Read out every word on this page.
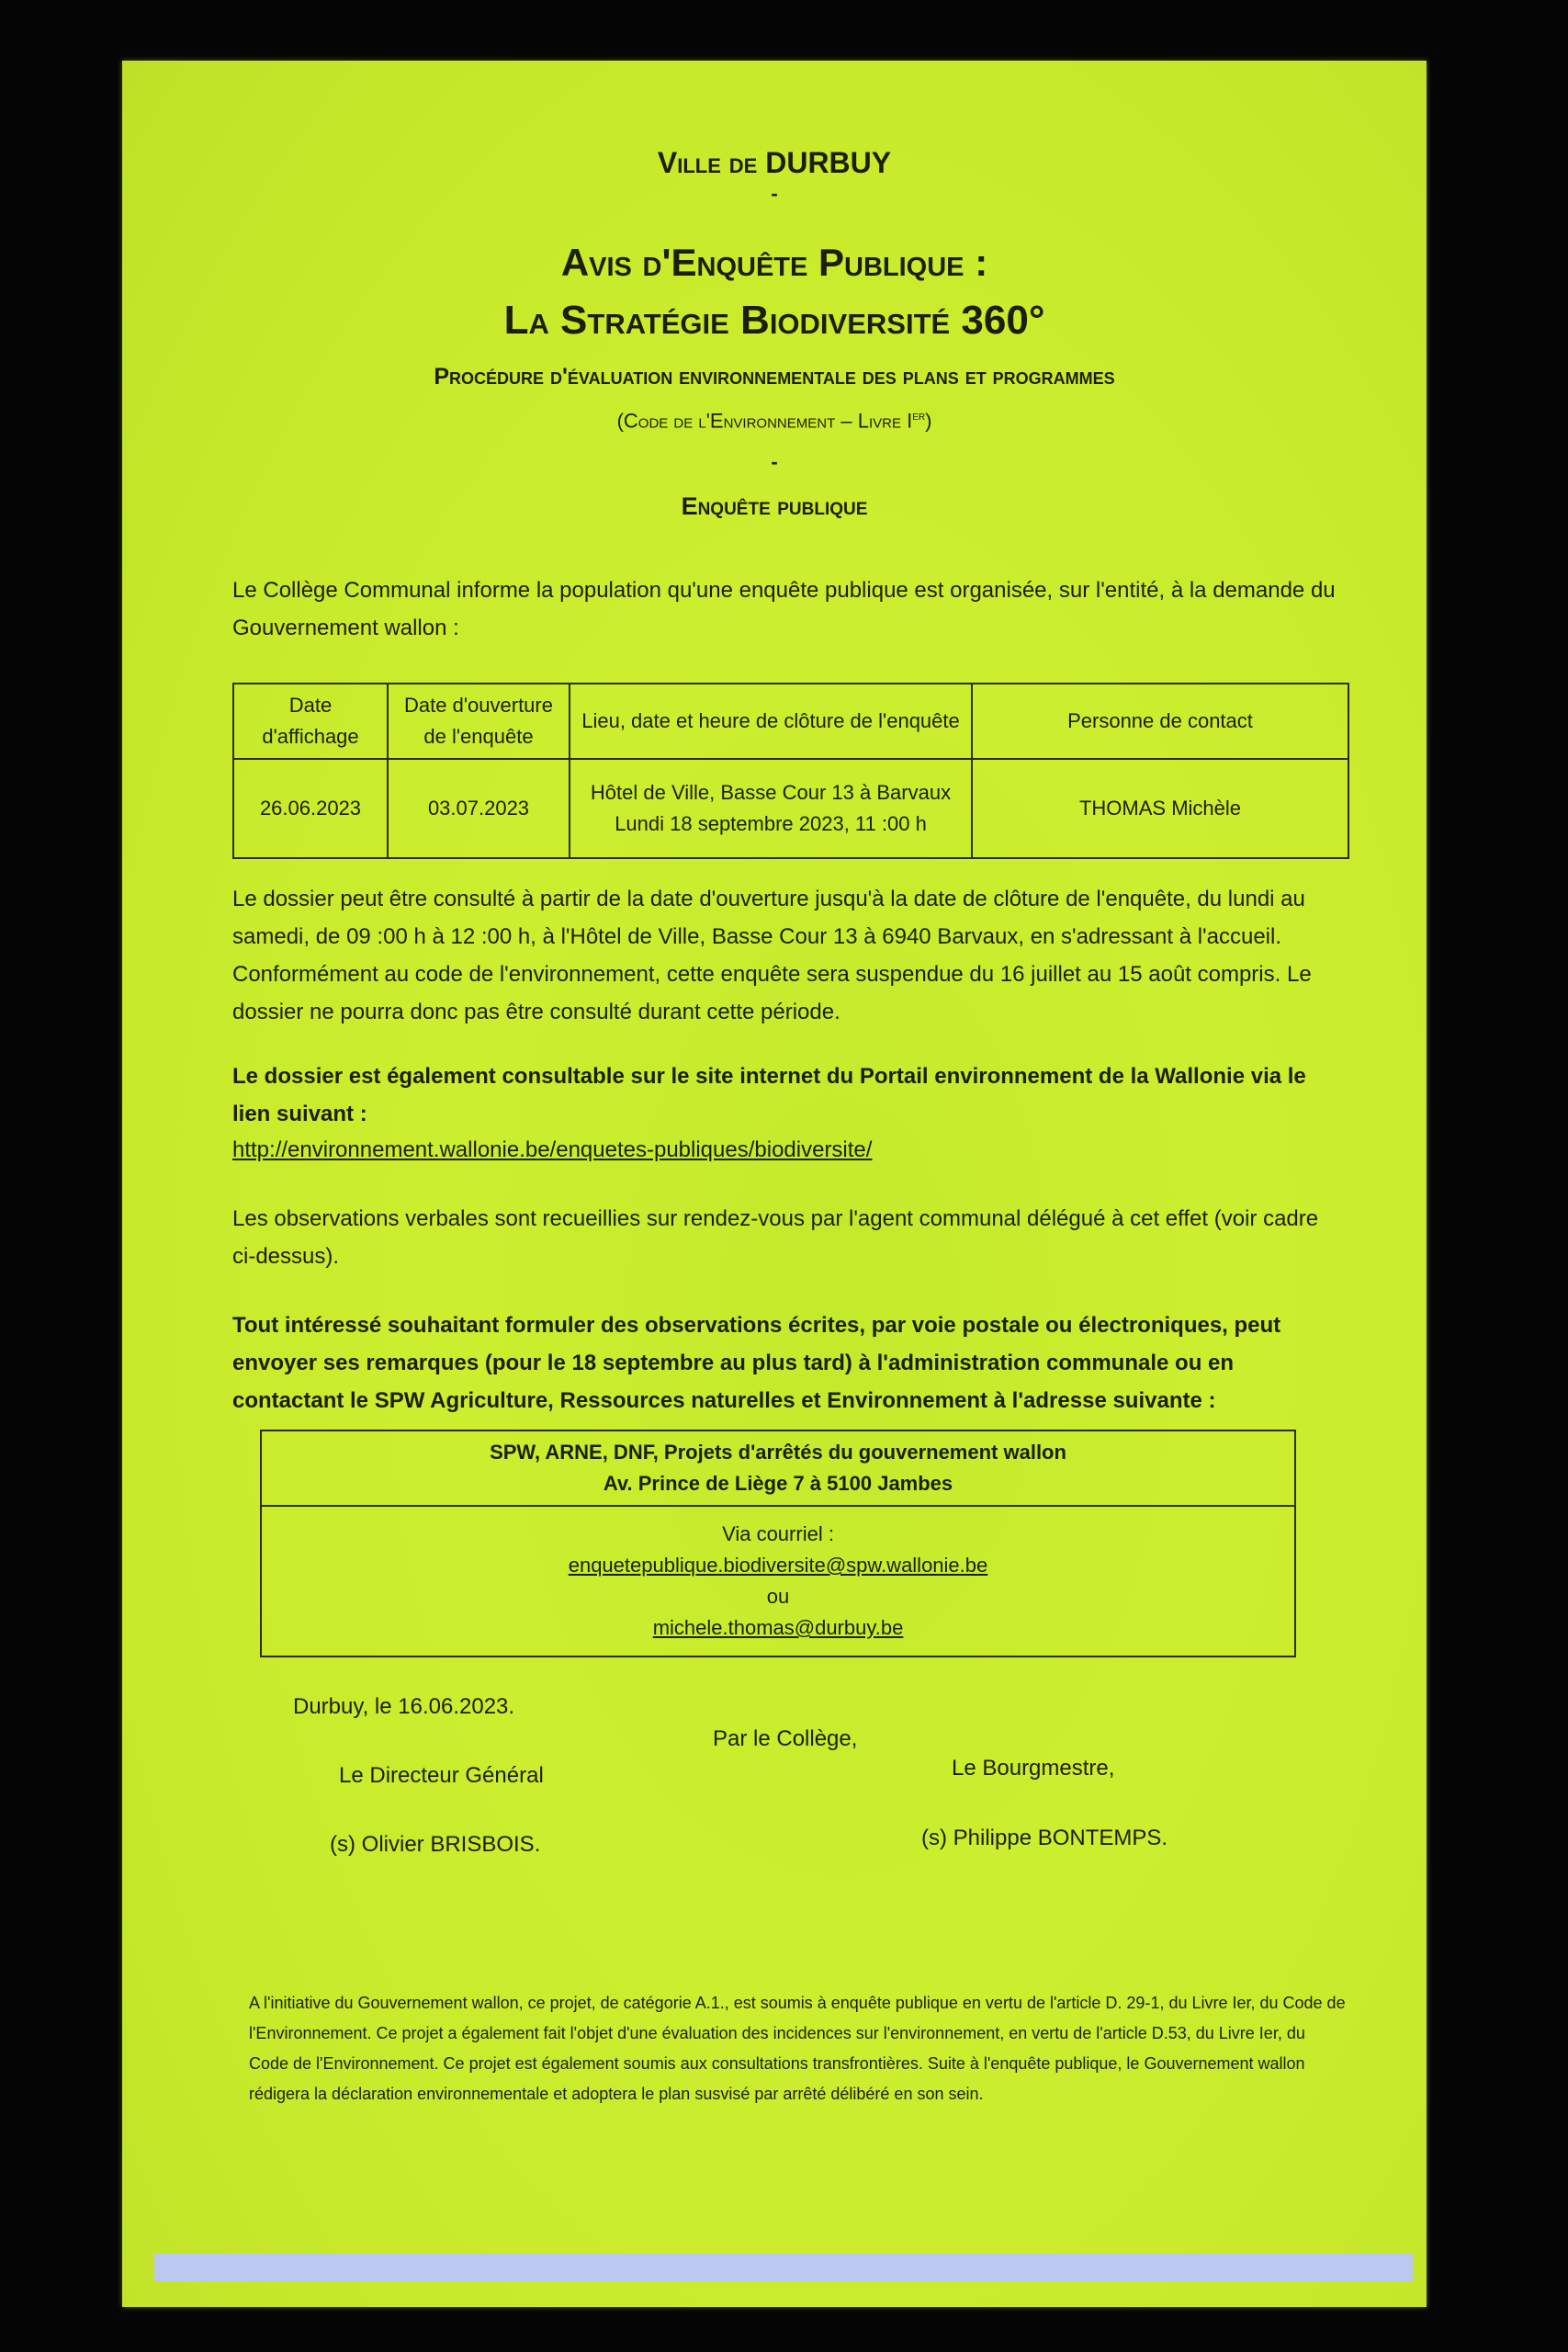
Ville de DURBUY
-
Avis d'Enquête Publique :
La Stratégie Biodiversité 360°
Procédure d'évaluation environnementale des plans et programmes
(Code de l'Environnement – Livre Ier)
-
Enquête publique
Le Collège Communal informe la population qu'une enquête publique est organisée, sur l'entité, à la demande du Gouvernement wallon :
Date d'affichage	Date d'ouverture de l'enquête	Lieu, date et heure de clôture de l'enquête	Personne de contact
26.06.2023	03.07.2023	Hôtel de Ville, Basse Cour 13 à Barvaux
Lundi 18 septembre 2023, 11 :00 h	THOMAS Michèle
Le dossier peut être consulté à partir de la date d'ouverture jusqu'à la date de clôture de l'enquête, du lundi au samedi, de 09 :00 h à 12 :00 h, à l'Hôtel de Ville, Basse Cour 13 à 6940 Barvaux, en s'adressant à l'accueil. Conformément au code de l'environnement, cette enquête sera suspendue du 16 juillet au 15 août compris. Le dossier ne pourra donc pas être consulté durant cette période.
Le dossier est également consultable sur le site internet du Portail environnement de la Wallonie via le lien suivant :
http://environnement.wallonie.be/enquetes-publiques/biodiversite/
Les observations verbales sont recueillies sur rendez-vous par l'agent communal délégué à cet effet (voir cadre ci-dessus).
Tout intéressé souhaitant formuler des observations écrites, par voie postale ou électroniques, peut envoyer ses remarques (pour le 18 septembre au plus tard) à l'administration communale ou en contactant le SPW Agriculture, Ressources naturelles et Environnement à l'adresse suivante :
SPW, ARNE, DNF, Projets d'arrêtés du gouvernement wallon
Av. Prince de Liège 7 à 5100 Jambes

Via courriel :
enquetepublique.biodiversite@spw.wallonie.be
ou
michele.thomas@durbuy.be
Durbuy, le 16.06.2023.
Par le Collège,
Le Directeur Général	Le Bourgmestre,
(s) Olivier BRISBOIS.	(s) Philippe BONTEMPS.
A l'initiative du Gouvernement wallon, ce projet, de catégorie A.1., est soumis à enquête publique en vertu de l'article D. 29-1, du Livre Ier, du Code de l'Environnement. Ce projet a également fait l'objet d'une évaluation des incidences sur l'environnement, en vertu de l'article D.53, du Livre Ier, du Code de l'Environnement. Ce projet est également soumis aux consultations transfrontières. Suite à l'enquête publique, le Gouvernement wallon rédigera la déclaration environnementale et adoptera le plan susvisé par arrêté délibéré en son sein.
